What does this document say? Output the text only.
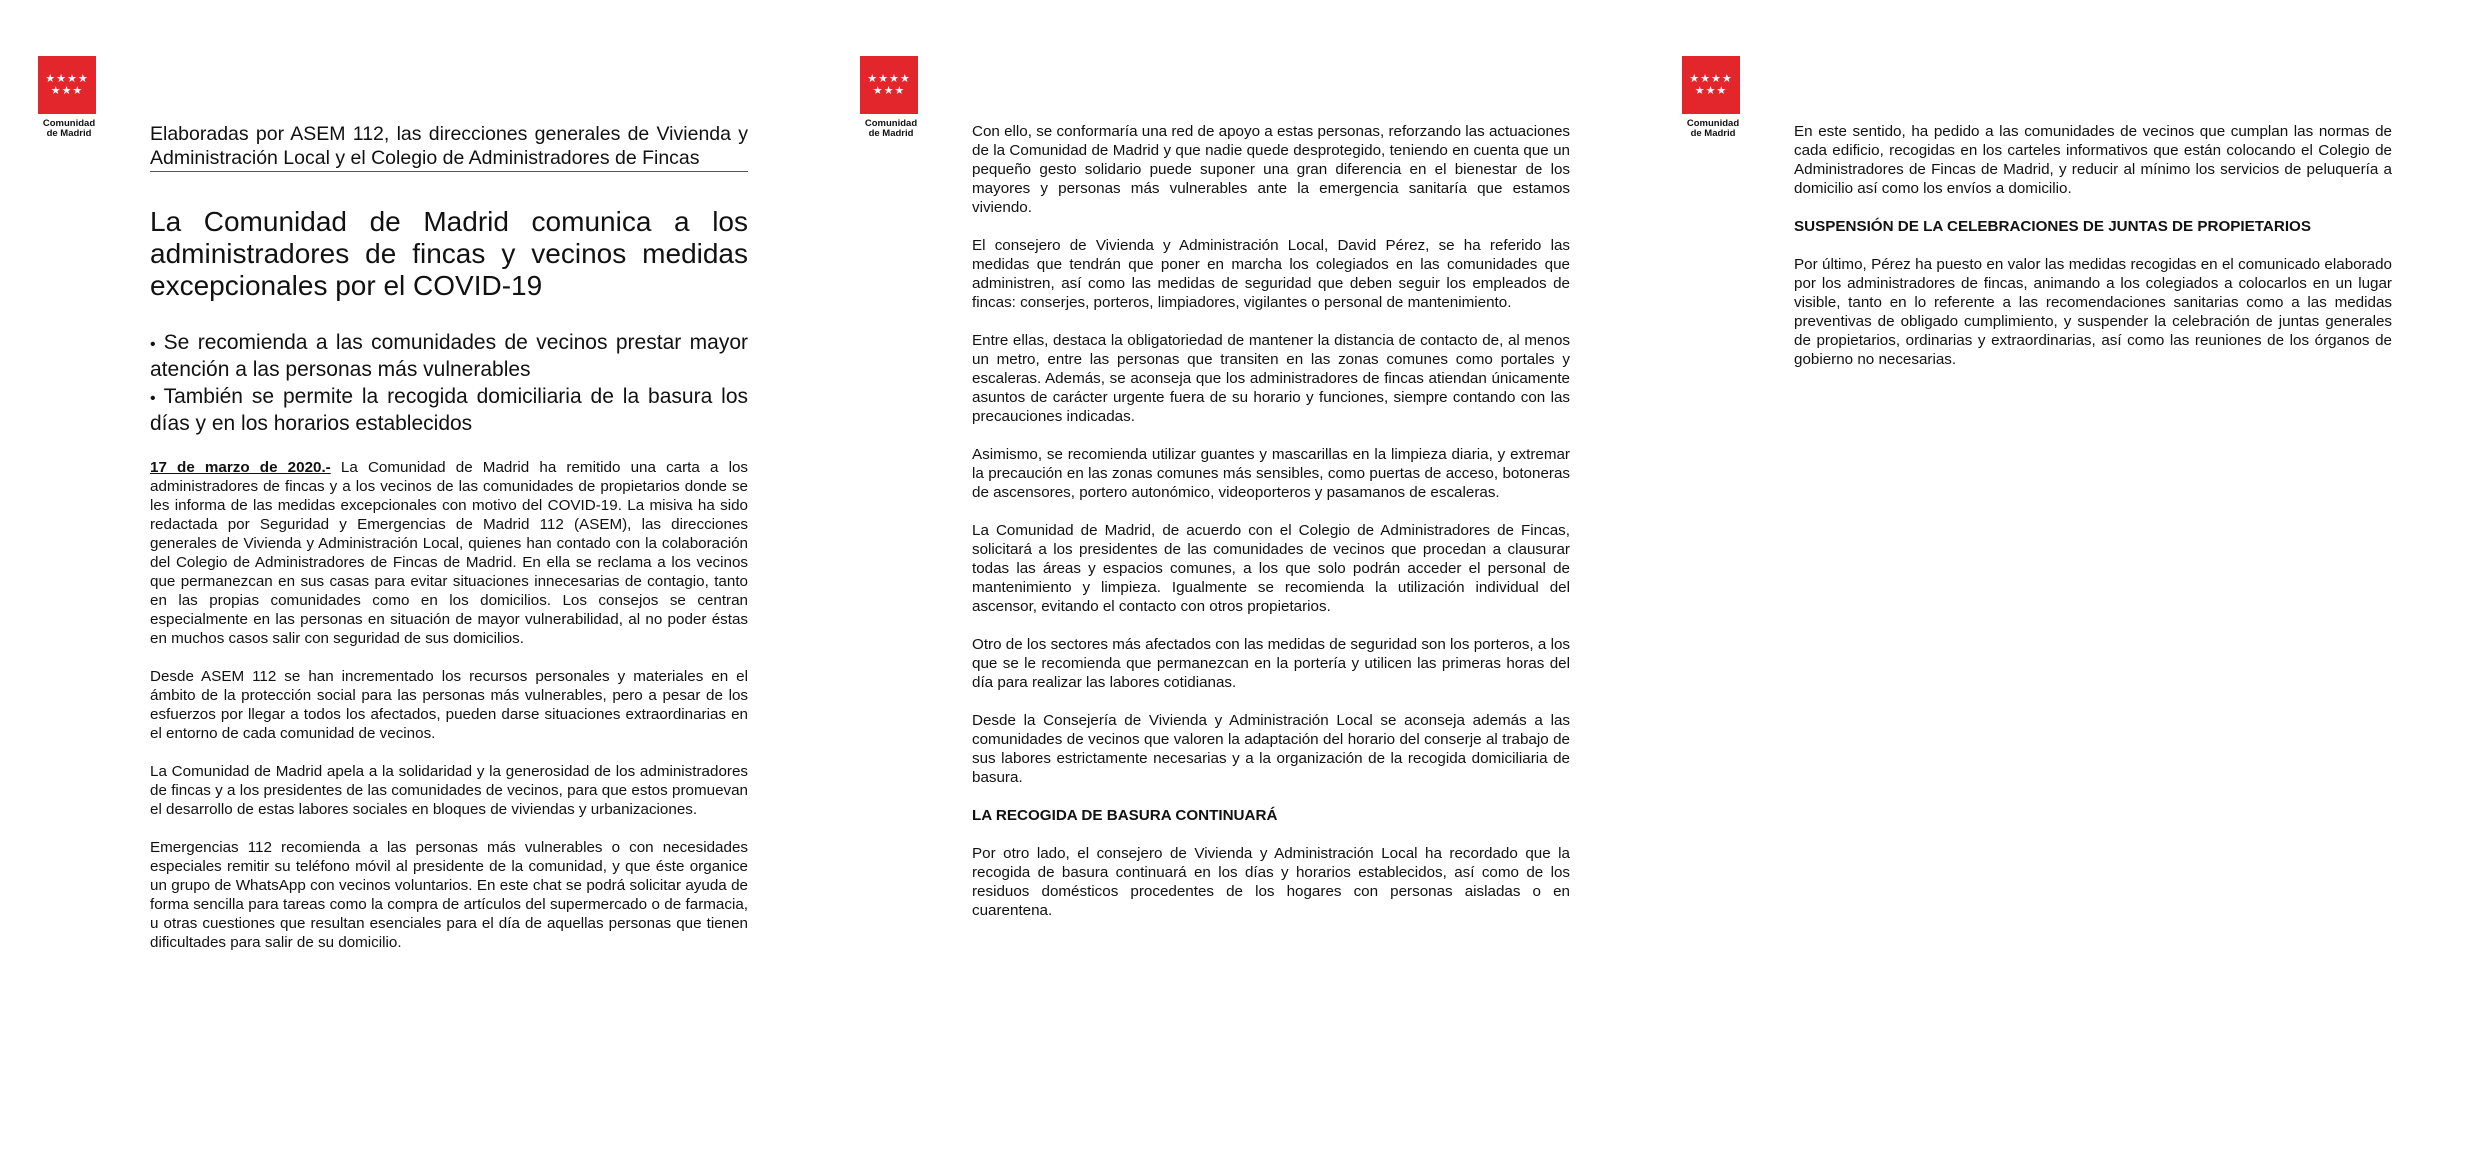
★★★★
★★★
Comunidad
de Madrid	Elaboradas por ASEM 112, las direcciones generales de Vivienda y Administración Local y el Colegio de Administradores de Fincas
La Comunidad de Madrid comunica a los administradores de fincas y vecinos medidas excepcionales por el COVID-19
• Se recomienda a las comunidades de vecinos prestar mayor atención a las personas más vulnerables
• También se permite la recogida domiciliaria de la basura los días y en los horarios establecidos

17 de marzo de 2020.- La Comunidad de Madrid ha remitido una carta a los administradores de fincas y a los vecinos de las comunidades de propietarios donde se les informa de las medidas excepcionales con motivo del COVID-19. La misiva ha sido redactada por Seguridad y Emergencias de Madrid 112 (ASEM), las direcciones generales de Vivienda y Administración Local, quienes han contado con la colaboración del Colegio de Administradores de Fincas de Madrid. En ella se reclama a los vecinos que permanezcan en sus casas para evitar situaciones innecesarias de contagio, tanto en las propias comunidades como en los domicilios. Los consejos se centran especialmente en las personas en situación de mayor vulnerabilidad, al no poder éstas en muchos casos salir con seguridad de sus domicilios.

Desde ASEM 112 se han incrementado los recursos personales y materiales en el ámbito de la protección social para las personas más vulnerables, pero a pesar de los esfuerzos por llegar a todos los afectados, pueden darse situaciones extraordinarias en el entorno de cada comunidad de vecinos.

La Comunidad de Madrid apela a la solidaridad y la generosidad de los administradores de fincas y a los presidentes de las comunidades de vecinos, para que estos promuevan el desarrollo de estas labores sociales en bloques de viviendas y urbanizaciones.

Emergencias 112 recomienda a las personas más vulnerables o con necesidades especiales remitir su teléfono móvil al presidente de la comunidad, y que éste organice un grupo de WhatsApp con vecinos voluntarios. En este chat se podrá solicitar ayuda de forma sencilla para tareas como la compra de artículos del supermercado o de farmacia, u otras cuestiones que resultan esenciales para el día de aquellas personas que tienen dificultades para salir de su domicilio.

★★★★
★★★
Comunidad
de Madrid	Con ello, se conformaría una red de apoyo a estas personas, reforzando las actuaciones de la Comunidad de Madrid y que nadie quede desprotegido, teniendo en cuenta que un pequeño gesto solidario puede suponer una gran diferencia en el bienestar de los mayores y personas más vulnerables ante la emergencia sanitaría que estamos viviendo.

El consejero de Vivienda y Administración Local, David Pérez, se ha referido las medidas que tendrán que poner en marcha los colegiados en las comunidades que administren, así como las medidas de seguridad que deben seguir los empleados de fincas: conserjes, porteros, limpiadores, vigilantes o personal de mantenimiento.

Entre ellas, destaca la obligatoriedad de mantener la distancia de contacto de, al menos un metro, entre las personas que transiten en las zonas comunes como portales y escaleras. Además, se aconseja que los administradores de fincas atiendan únicamente asuntos de carácter urgente fuera de su horario y funciones, siempre contando con las precauciones indicadas.

Asimismo, se recomienda utilizar guantes y mascarillas en la limpieza diaria, y extremar la precaución en las zonas comunes más sensibles, como puertas de acceso, botoneras de ascensores, portero autonómico, videoporteros y pasamanos de escaleras.

La Comunidad de Madrid, de acuerdo con el Colegio de Administradores de Fincas, solicitará a los presidentes de las comunidades de vecinos que procedan a clausurar todas las áreas y espacios comunes, a los que solo podrán acceder el personal de mantenimiento y limpieza. Igualmente se recomienda la utilización individual del ascensor, evitando el contacto con otros propietarios.

Otro de los sectores más afectados con las medidas de seguridad son los porteros, a los que se le recomienda que permanezcan en la portería y utilicen las primeras horas del día para realizar las labores cotidianas.

Desde la Consejería de Vivienda y Administración Local se aconseja además a las comunidades de vecinos que valoren la adaptación del horario del conserje al trabajo de sus labores estrictamente necesarias y a la organización de la recogida domiciliaria de basura.

LA RECOGIDA DE BASURA CONTINUARÁ

Por otro lado, el consejero de Vivienda y Administración Local ha recordado que la recogida de basura continuará en los días y horarios establecidos, así como de los residuos domésticos procedentes de los hogares con personas aisladas o en cuarentena.

★★★★
★★★
Comunidad
de Madrid	En este sentido, ha pedido a las comunidades de vecinos que cumplan las normas de cada edificio, recogidas en los carteles informativos que están colocando el Colegio de Administradores de Fincas de Madrid, y reducir al mínimo los servicios de peluquería a domicilio así como los envíos a domicilio.

SUSPENSIÓN DE LA CELEBRACIONES DE JUNTAS DE PROPIETARIOS

Por último, Pérez ha puesto en valor las medidas recogidas en el comunicado elaborado por los administradores de fincas, animando a los colegiados a colocarlos en un lugar visible, tanto en lo referente a las recomendaciones sanitarias como a las medidas preventivas de obligado cumplimiento, y suspender la celebración de juntas generales de propietarios, ordinarias y extraordinarias, así como las reuniones de los órganos de gobierno no necesarias.
